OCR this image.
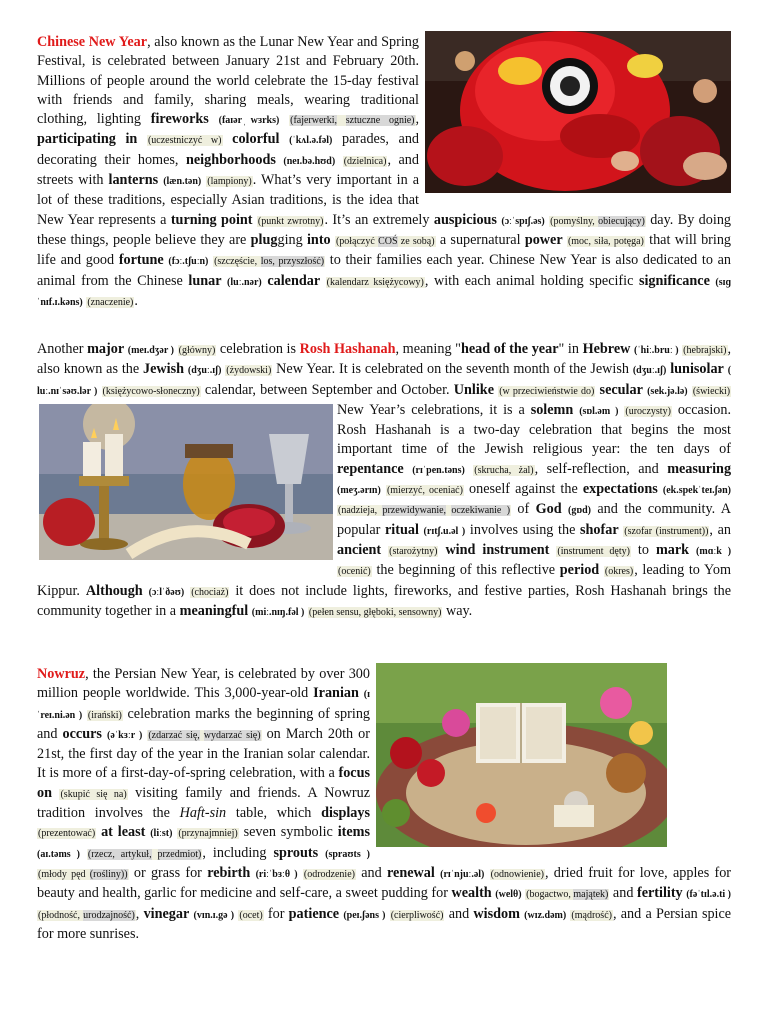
Chinese New Year, also known as the Lunar New Year and Spring Festival, is celebrated between January 21st and February 20th. Millions of people around the world celebrate the 15-day festival with friends and family, sharing meals, wearing traditional clothing, lighting fireworks (faɪər ̩wɜrks) (fajerwerki, sztuczne ognie), participating in (uczestniczyć w) colorful (ˈkʌl.ə.fəl) parades, and decorating their homes, neighborhoods (neɪ.bə.hʊd) (dzielnica), and streets with lanterns (læn.tən) (lampiony). What’s very important in a lot of these traditions, especially Asian traditions, is the idea that New Year represents a turning point (punkt zwrotny). It’s an extremely auspicious (ɔːˈspɪʃ.əs) (pomyślny, obiecujący) day. By doing these things, people believe they are plugging into (połączyć COŚ ze sobą) a supernatural power (moc, siła, potęga) that will bring life and good fortune (fɔː.tʃuːn) (szczęście, los, przyszłość) to their families each year. Chinese New Year is also dedicated to an animal from the Chinese lunar (luː.nər) calendar (kalendarz księżycowy), with each animal holding specific significance (sɪɡˈnɪf.ɪ.kəns) (znaczenie).
Another major (meɪ.dʒər ) (główny) celebration is Rosh Hashanah, meaning "head of the year" in Hebrew (ˈhiː.bruː ) (hebrajski), also known as the Jewish (dʒuː.ɪʃ) (żydowski) New Year. It is celebrated on the seventh month of the Jewish (dʒuː.ɪʃ) lunisolar ( luː.nɪˈsəʊ.lər ) (księżycowo-słoneczny) calendar, between September and October. Unlike (w przeciwieństwie do) secular (sek.jə.lə) (świecki) New Year’s celebrations, it is a solemn (sɒl.əm ) (uroczysty) occasion.
Rosh Hashanah is a two-day celebration that begins the most important time of the Jewish religious year: the ten days of repentance (rɪˈpen.təns) (skrucha, żal), self-reflection, and measuring (meʒ.ərɪn) (mierzyć, oceniać) oneself against the expectations (ek.spekˈteɪ.ʃən) (nadzieja, przewidywanie, oczekiwanie ) of God (gɒd) and the community. A popular ritual (rɪtʃ.u.əl ) involves using the shofar (szofar (instrument)), an ancient (starożytny) wind instrument (instrument dęty) to mark (mɑːk ) (ocenić) the beginning of this reflective period (okres), leading to Yom Kippur. Although (ɔːlˈðəʊ) (chociaż) it does not include lights, fireworks, and festive parties, Rosh Hashanah brings the community together in a meaningful (miː.nɪŋ.fəl ) (pełen sensu, głęboki, sensowny) way.
Nowruz, the Persian New Year, is celebrated by over 300 million people worldwide. This 3,000-year-old Iranian (ɪˈreɪ.ni.ən ) (irański) celebration marks the beginning of spring and occurs (əˈkɜːr ) (zdarzać się, wydarzać się) on March 20th or 21st, the first day of the year in the Iranian solar calendar. It is more of a first-day-of-spring celebration, with a focus on (skupić się na) visiting family and friends. A Nowruz tradition involves the Haft-sin table, which displays (prezentować) at least (liːst) (przynajmniej) seven symbolic items (aɪ.təms ) (rzecz, artykuł, przedmiot), including sprouts (spraʊts ) (młody pęd (rośliny)) or grass for rebirth (riːˈbɜːθ ) (odrodzenie) and renewal (rɪˈnjuː.əl) (odnowienie), dried fruit for love, apples for beauty and health, garlic for medicine and self-care, a sweet pudding for wealth (welθ) (bogactwo, majątek) and fertility (fəˈtɪl.ə.ti ) (płodność, urodzajność), vinegar (vɪn.ɪ.gə ) (ocet) for patience (peɪ.ʃəns ) (cierpliwość) and wisdom (wɪz.dəm) (mądrość), and a Persian spice for more sunrises.
